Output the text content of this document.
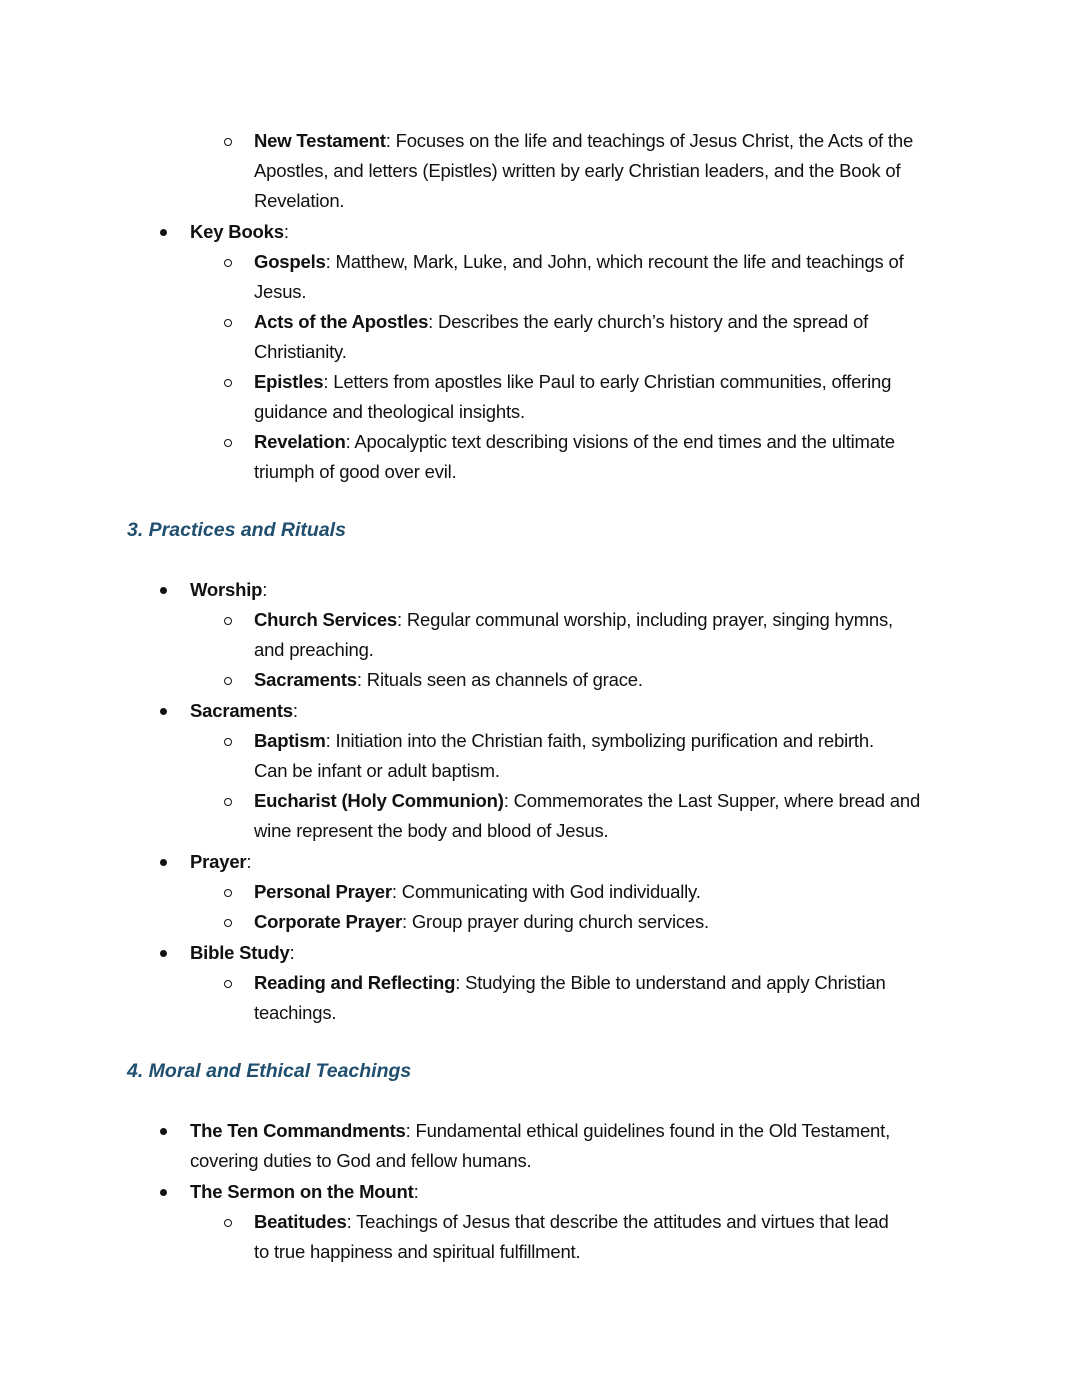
New Testament: Focuses on the life and teachings of Jesus Christ, the Acts of the
Apostles, and letters (Epistles) written by early Christian leaders, and the Book of
Revelation.
Key Books:
Gospels: Matthew, Mark, Luke, and John, which recount the life and teachings of
Jesus.
Acts of the Apostles: Describes the early church’s history and the spread of
Christianity.
Epistles: Letters from apostles like Paul to early Christian communities, offering
guidance and theological insights.
Revelation: Apocalyptic text describing visions of the end times and the ultimate
triumph of good over evil.
3. Practices and Rituals
Worship:
Church Services: Regular communal worship, including prayer, singing hymns,
and preaching.
Sacraments: Rituals seen as channels of grace.
Sacraments:
Baptism: Initiation into the Christian faith, symbolizing purification and rebirth.
Can be infant or adult baptism.
Eucharist (Holy Communion): Commemorates the Last Supper, where bread and
wine represent the body and blood of Jesus.
Prayer:
Personal Prayer: Communicating with God individually.
Corporate Prayer: Group prayer during church services.
Bible Study:
Reading and Reflecting: Studying the Bible to understand and apply Christian
teachings.
4. Moral and Ethical Teachings
The Ten Commandments: Fundamental ethical guidelines found in the Old Testament,
covering duties to God and fellow humans.
The Sermon on the Mount:
Beatitudes: Teachings of Jesus that describe the attitudes and virtues that lead
to true happiness and spiritual fulfillment.
